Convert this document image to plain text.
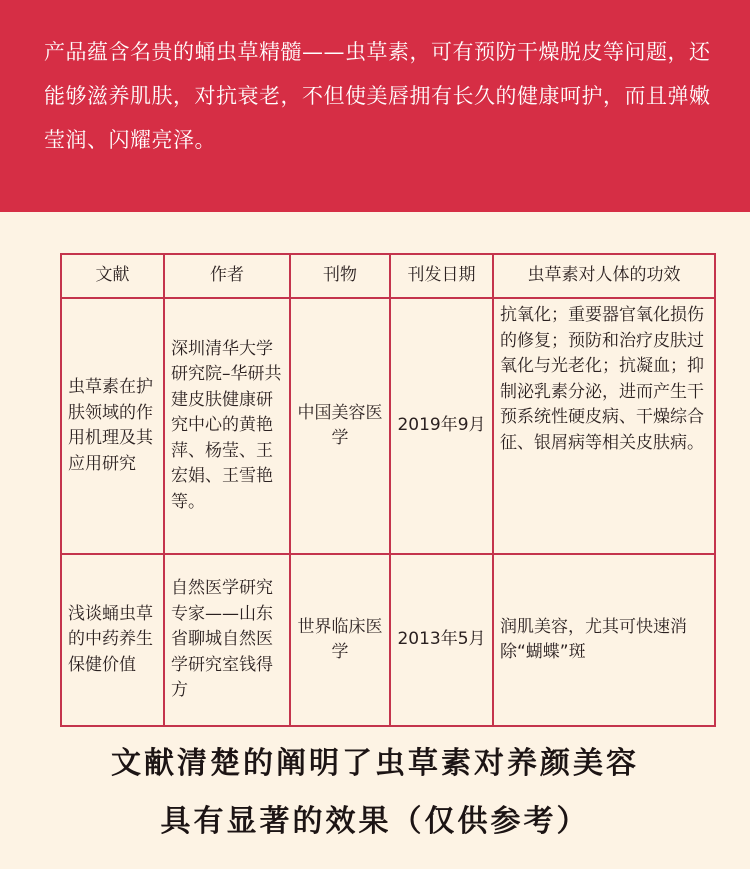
产品蕴含名贵的蛹虫草精髓——虫草素，可有预防干燥脱皮等问题，还能够滋养肌肤，对抗衰老，不但使美唇拥有长久的健康呵护，而且弹嫩莹润、闪耀亮泽。

文献	作者	刊物	刊发日期	虫草素对人体的功效
虫草素在护肤领域的作用机理及其应用研究	深圳清华大学研究院–华研共建皮肤健康研究中心的黄艳萍、杨莹、王宏娟、王雪艳等。	中国美容医学	2019年9月	抗氧化；重要器官氧化损伤的修复；预防和治疗皮肤过氧化与光老化；抗凝血；抑制泌乳素分泌，进而产生干预系统性硬皮病、干燥综合征、银屑病等相关皮肤病。
浅谈蛹虫草的中药养生保健价值	自然医学研究专家——山东省聊城自然医学研究室钱得方	世界临床医学	2013年5月	润肌美容，尤其可快速消除“蝴蝶”斑
文献清楚的阐明了虫草素对养颜美容
具有显著的效果（仅供参考）
